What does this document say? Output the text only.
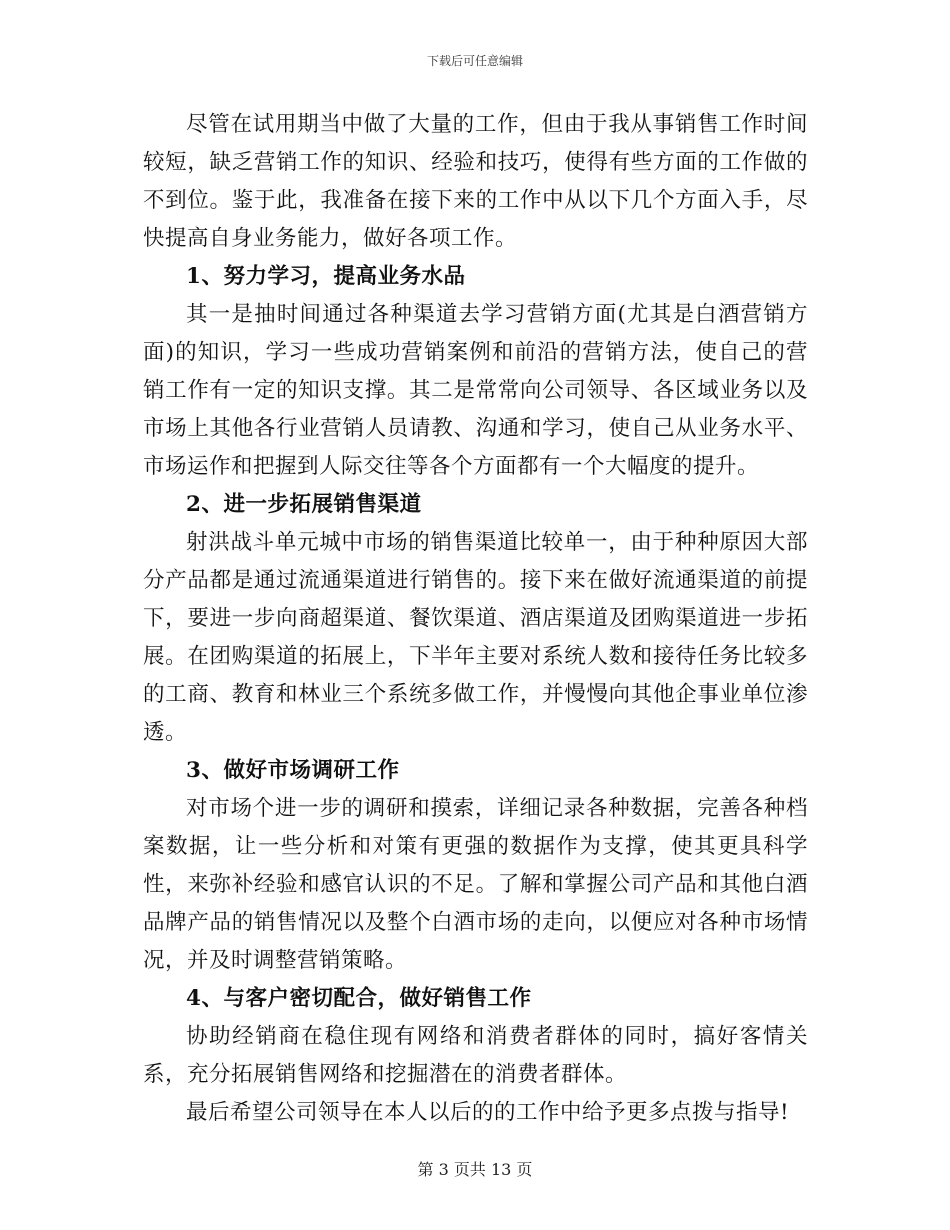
下载后可任意编辑

尽管在试用期当中做了大量的工作，但由于我从事销售工作时间较短，缺乏营销工作的知识、经验和技巧，使得有些方面的工作做的不到位。鉴于此，我准备在接下来的工作中从以下几个方面入手，尽快提高自身业务能力，做好各项工作。

1、努力学习，提高业务水品

其一是抽时间通过各种渠道去学习营销方面(尤其是白酒营销方面)的知识，学习一些成功营销案例和前沿的营销方法，使自己的营销工作有一定的知识支撑。其二是常常向公司领导、各区域业务以及市场上其他各行业营销人员请教、沟通和学习，使自己从业务水平、市场运作和把握到人际交往等各个方面都有一个大幅度的提升。

2、进一步拓展销售渠道

射洪战斗单元城中市场的销售渠道比较单一，由于种种原因大部分产品都是通过流通渠道进行销售的。接下来在做好流通渠道的前提下，要进一步向商超渠道、餐饮渠道、酒店渠道及团购渠道进一步拓展。在团购渠道的拓展上，下半年主要对系统人数和接待任务比较多的工商、教育和林业三个系统多做工作，并慢慢向其他企事业单位渗透。

3、做好市场调研工作

对市场个进一步的调研和摸索，详细记录各种数据，完善各种档案数据，让一些分析和对策有更强的数据作为支撑，使其更具科学性，来弥补经验和感官认识的不足。了解和掌握公司产品和其他白酒品牌产品的销售情况以及整个白酒市场的走向，以便应对各种市场情况，并及时调整营销策略。

4、与客户密切配合，做好销售工作

协助经销商在稳住现有网络和消费者群体的同时，搞好客情关系，充分拓展销售网络和挖掘潜在的消费者群体。

最后希望公司领导在本人以后的的工作中给予更多点拨与指导!

第 3 页共 13 页
